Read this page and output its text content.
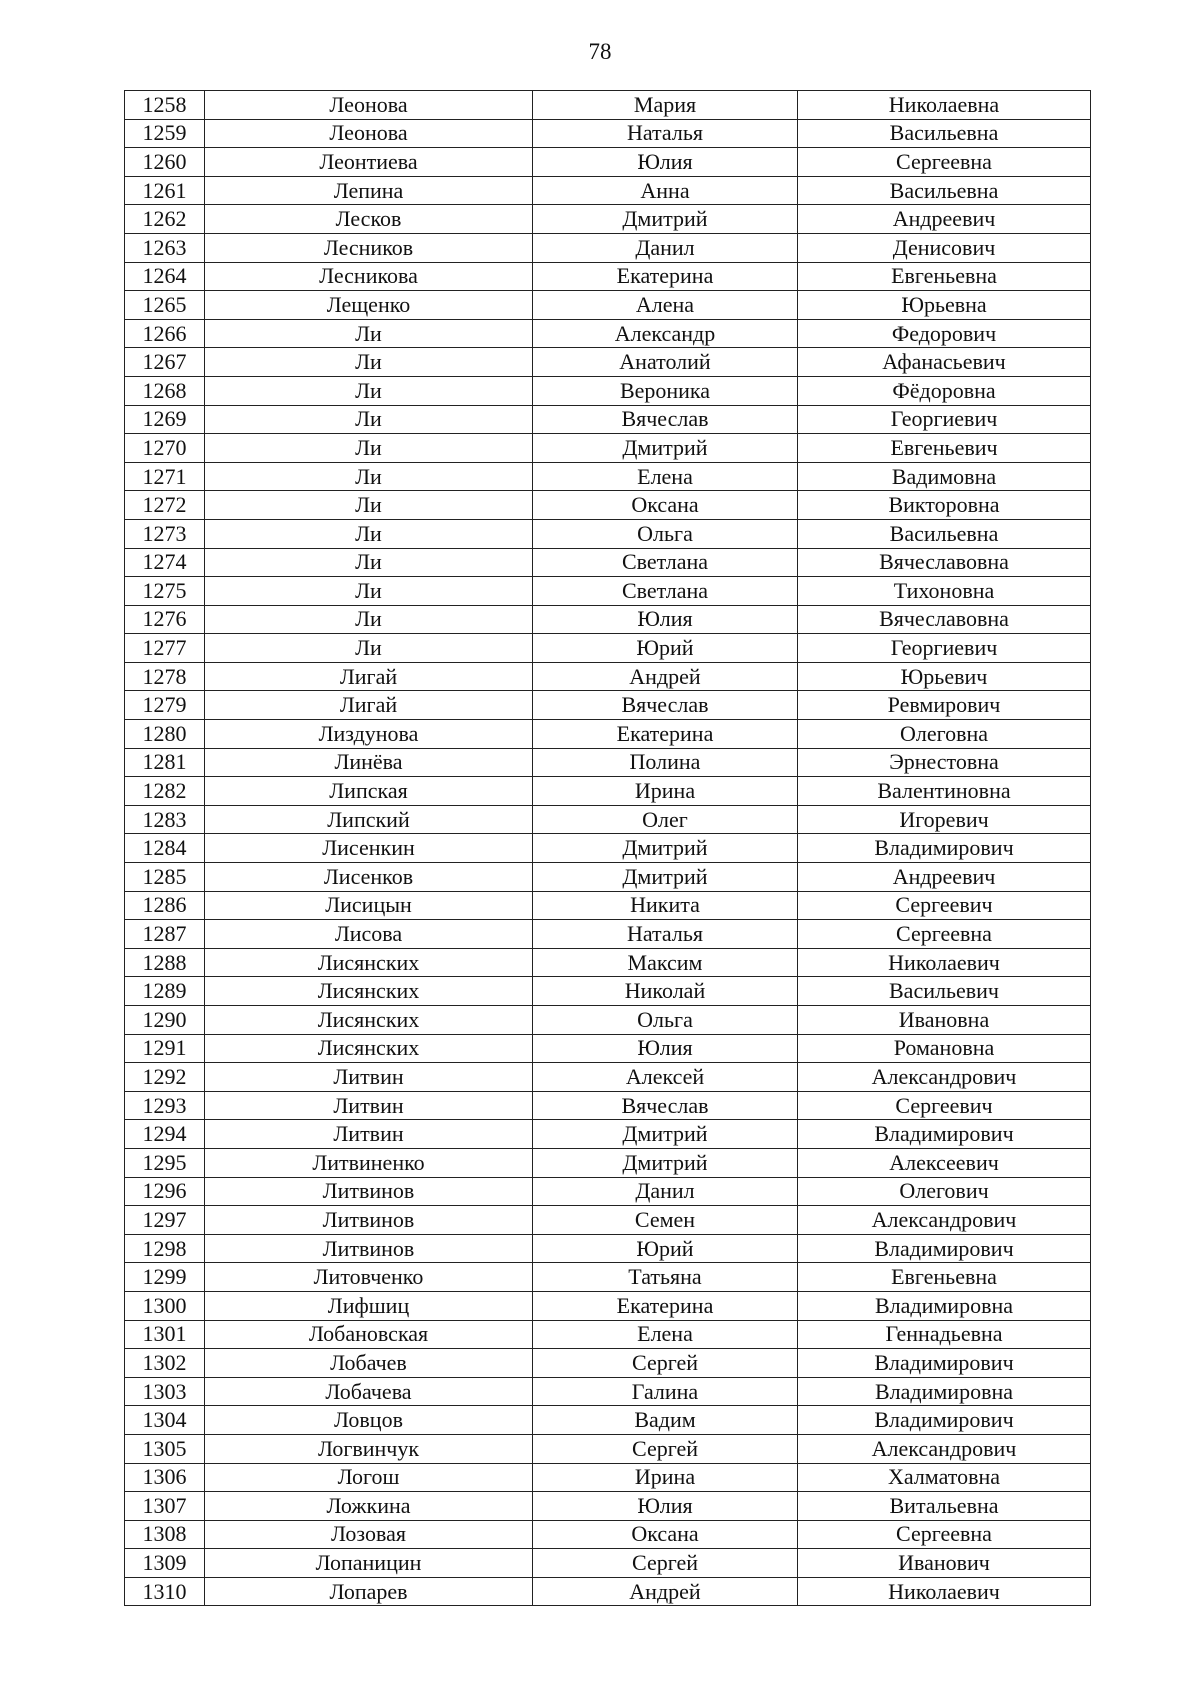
78
1258	Леонова	Мария	Николаевна
1259	Леонова	Наталья	Васильевна
1260	Леонтиева	Юлия	Сергеевна
1261	Лепина	Анна	Васильевна
1262	Лесков	Дмитрий	Андреевич
1263	Лесников	Данил	Денисович
1264	Лесникова	Екатерина	Евгеньевна
1265	Лещенко	Алена	Юрьевна
1266	Ли	Александр	Федорович
1267	Ли	Анатолий	Афанасьевич
1268	Ли	Вероника	Фёдоровна
1269	Ли	Вячеслав	Георгиевич
1270	Ли	Дмитрий	Евгеньевич
1271	Ли	Елена	Вадимовна
1272	Ли	Оксана	Викторовна
1273	Ли	Ольга	Васильевна
1274	Ли	Светлана	Вячеславовна
1275	Ли	Светлана	Тихоновна
1276	Ли	Юлия	Вячеславовна
1277	Ли	Юрий	Георгиевич
1278	Лигай	Андрей	Юрьевич
1279	Лигай	Вячеслав	Ревмирович
1280	Лиздунова	Екатерина	Олеговна
1281	Линёва	Полина	Эрнестовна
1282	Липская	Ирина	Валентиновна
1283	Липский	Олег	Игоревич
1284	Лисенкин	Дмитрий	Владимирович
1285	Лисенков	Дмитрий	Андреевич
1286	Лисицын	Никита	Сергеевич
1287	Лисова	Наталья	Сергеевна
1288	Лисянских	Максим	Николаевич
1289	Лисянских	Николай	Васильевич
1290	Лисянских	Ольга	Ивановна
1291	Лисянских	Юлия	Романовна
1292	Литвин	Алексей	Александрович
1293	Литвин	Вячеслав	Сергеевич
1294	Литвин	Дмитрий	Владимирович
1295	Литвиненко	Дмитрий	Алексеевич
1296	Литвинов	Данил	Олегович
1297	Литвинов	Семен	Александрович
1298	Литвинов	Юрий	Владимирович
1299	Литовченко	Татьяна	Евгеньевна
1300	Лифшиц	Екатерина	Владимировна
1301	Лобановская	Елена	Геннадьевна
1302	Лобачев	Сергей	Владимирович
1303	Лобачева	Галина	Владимировна
1304	Ловцов	Вадим	Владимирович
1305	Логвинчук	Сергей	Александрович
1306	Логош	Ирина	Халматовна
1307	Ложкина	Юлия	Витальевна
1308	Лозовая	Оксана	Сергеевна
1309	Лопаницин	Сергей	Иванович
1310	Лопарев	Андрей	Николаевич
